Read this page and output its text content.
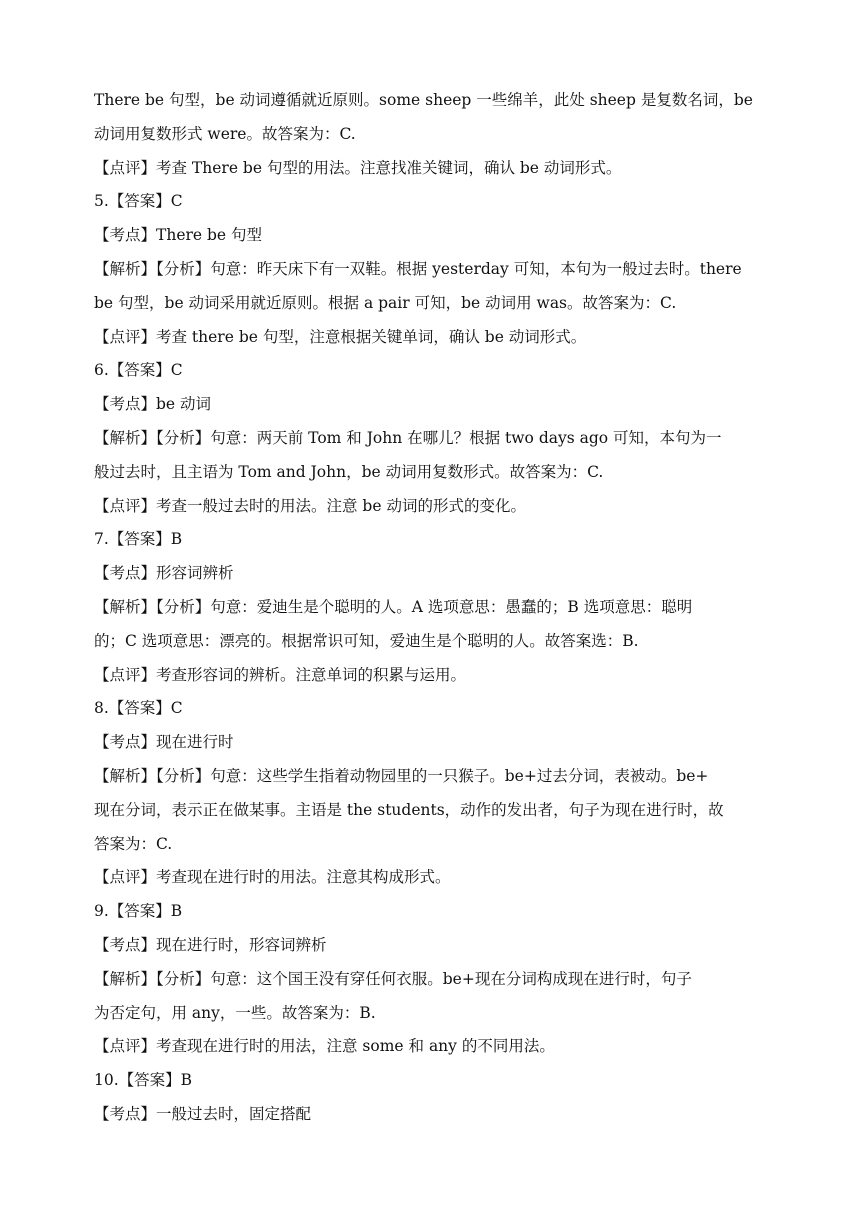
There be 句型，be 动词遵循就近原则。some sheep 一些绵羊，此处 sheep 是复数名词，be
动词用复数形式 were。故答案为：C.
【点评】考查 There be 句型的用法。注意找准关键词，确认 be 动词形式。
5.【答案】C
【考点】There be 句型
【解析】【分析】句意：昨天床下有一双鞋。根据 yesterday 可知，本句为一般过去时。there
be 句型，be 动词采用就近原则。根据 a pair 可知，be 动词用 was。故答案为：C.
【点评】考查 there be 句型，注意根据关键单词，确认 be 动词形式。
6.【答案】C
【考点】be 动词
【解析】【分析】句意：两天前 Tom 和 John 在哪儿？根据 two days ago 可知，本句为一
般过去时，且主语为 Tom and John，be 动词用复数形式。故答案为：C.
【点评】考查一般过去时的用法。注意 be 动词的形式的变化。
7.【答案】B
【考点】形容词辨析
【解析】【分析】句意：爱迪生是个聪明的人。A 选项意思：愚蠢的；B 选项意思：聪明
的；C 选项意思：漂亮的。根据常识可知，爱迪生是个聪明的人。故答案选：B.
【点评】考查形容词的辨析。注意单词的积累与运用。
8.【答案】C
【考点】现在进行时
【解析】【分析】句意：这些学生指着动物园里的一只猴子。be+过去分词，表被动。be+
现在分词，表示正在做某事。主语是 the students，动作的发出者，句子为现在进行时，故
答案为：C.
【点评】考查现在进行时的用法。注意其构成形式。
9.【答案】B
【考点】现在进行时，形容词辨析
【解析】【分析】句意：这个国王没有穿任何衣服。be+现在分词构成现在进行时，句子
为否定句，用 any，一些。故答案为：B.
【点评】考查现在进行时的用法，注意 some 和 any 的不同用法。
10.【答案】B
【考点】一般过去时，固定搭配
